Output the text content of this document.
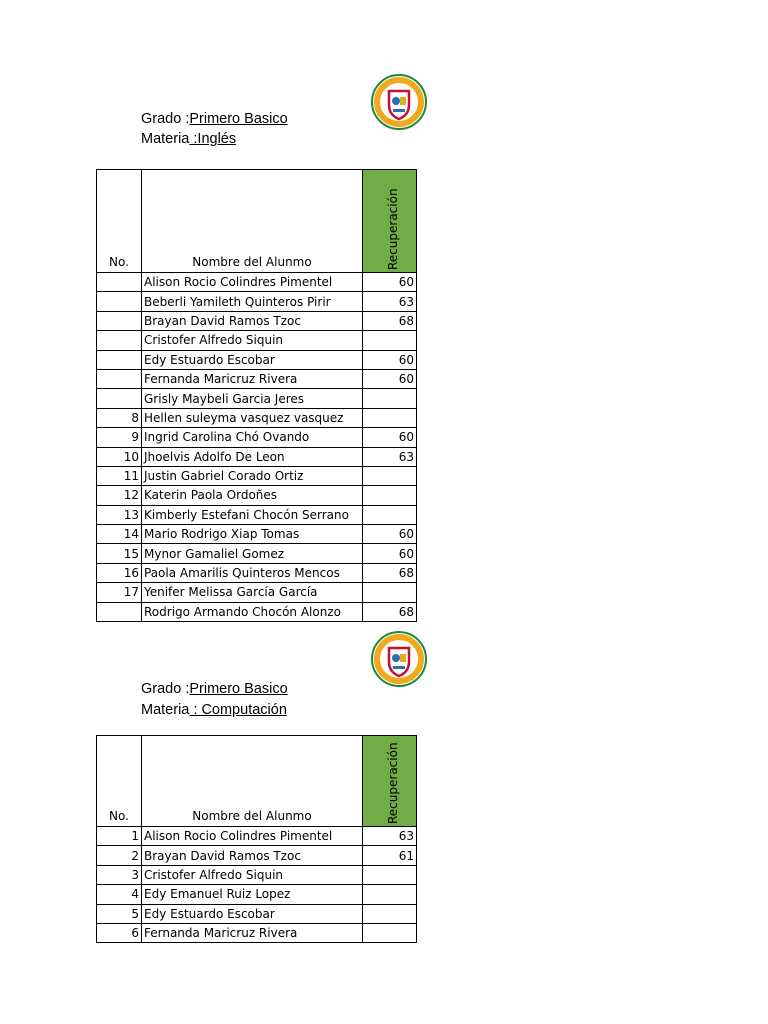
Grado :Primero Basico
Materia :Inglés
No.	Nombre del Alunmo	Recuperación

	Alison Rocio Colindres Pimentel	60
	Beberli Yamileth Quinteros Pirir	63
	Brayan David Ramos Tzoc	68
	Cristofer Alfredo Siquin	
	Edy Estuardo Escobar	60
	Fernanda Maricruz Rivera	60
	Grisly Maybeli Garcia Jeres	
8	Hellen suleyma vasquez vasquez	
9	Ingrid Carolina Chó Ovando	60
10	Jhoelvis Adolfo De Leon	63
11	Justin Gabriel Corado Ortiz	
12	Katerin Paola Ordoñes	
13	Kimberly Estefani Chocón Serrano	
14	Mario Rodrigo Xiap Tomas	60
15	Mynor Gamaliel Gomez	60
16	Paola Amarilis Quinteros Mencos	68
17	Yenifer Melissa García García	
	Rodrigo Armando Chocón Alonzo	68
Grado :Primero Basico
Materia : Computación
No.	Nombre del Alunmo	Recuperación

1	Alison Rocio Colindres Pimentel	63
2	Brayan David Ramos Tzoc	61
3	Cristofer Alfredo Siquin	
4	Edy Emanuel Ruiz Lopez	
5	Edy Estuardo Escobar	
6	Fernanda Maricruz Rivera	
